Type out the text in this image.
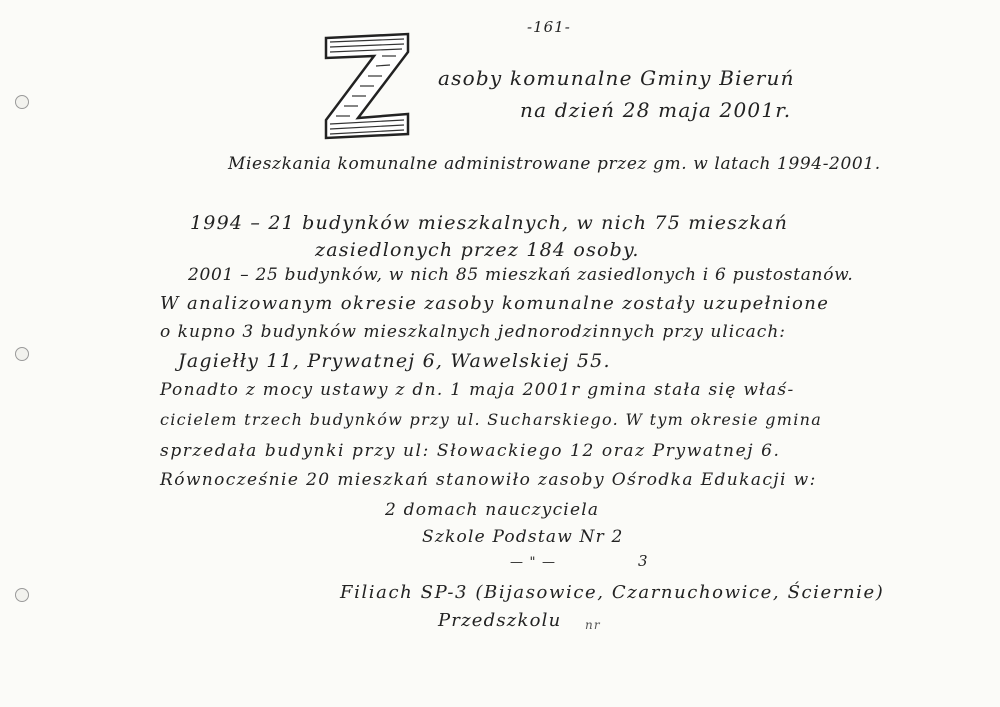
-161-
asoby komunalne Gminy Bieruń
na dzień 28 maja 2001r.
Mieszkania komunalne administrowane przez gm. w latach 1994-2001.
1994 – 21 budynków mieszkalnych, w nich 75 mieszkań
zasiedlonych przez 184 osoby.
2001 – 25 budynków, w nich 85 mieszkań zasiedlonych i 6 pustostanów.
W analizowanym okresie zasoby komunalne zostały uzupełnione
o kupno 3 budynków mieszkalnych jednorodzinnych przy ulicach:
Jagiełły 11, Prywatnej 6, Wawelskiej 55.
Ponadto z mocy ustawy z dn. 1 maja 2001r gmina stała się właś-
cicielem trzech budynków przy ul. Sucharskiego. W tym okresie gmina
sprzedała budynki przy ul: Słowackiego 12 oraz Prywatnej 6.
Równocześnie 20 mieszkań stanowiło zasoby Ośrodka Edukacji w:
2 domach nauczyciela
Szkole Podstaw Nr 2
— " —	3
Filiach SP-3 (Bijasowice, Czarnuchowice, Ściernie)
Przedszkolu nr
